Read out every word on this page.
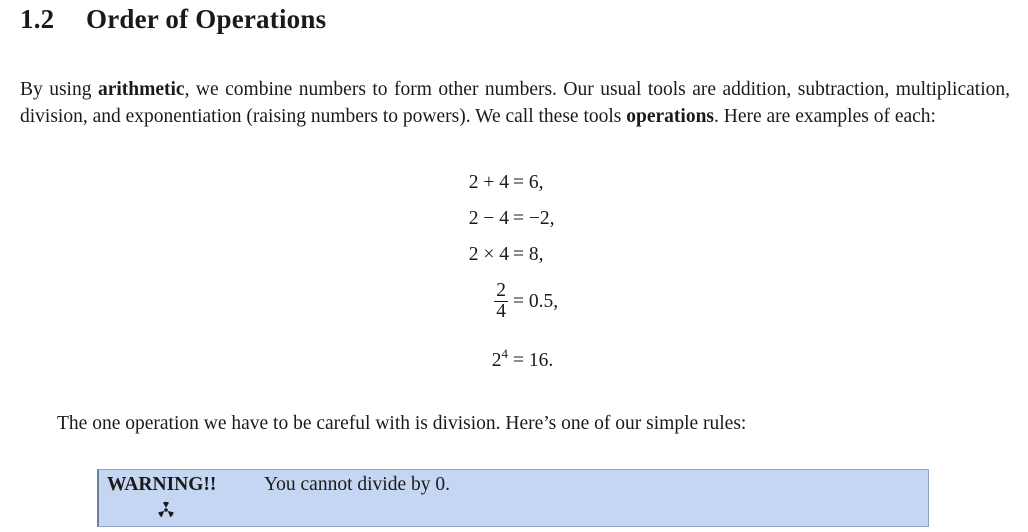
1.2 Order of Operations

By using arithmetic, we combine numbers to form other numbers. Our usual tools are addition, subtraction, multiplication, division, and exponentiation (raising numbers to powers). We call these tools operations. Here are examples of each:

2 + 4 = 6,
2 − 4 = −2,
2 × 4 = 8,
$\frac{2}{4} = 0.5$,
$2^4 = 16$.

The one operation we have to be careful with is division. Here’s one of our simple rules:

WARNING!! You cannot divide by 0.
